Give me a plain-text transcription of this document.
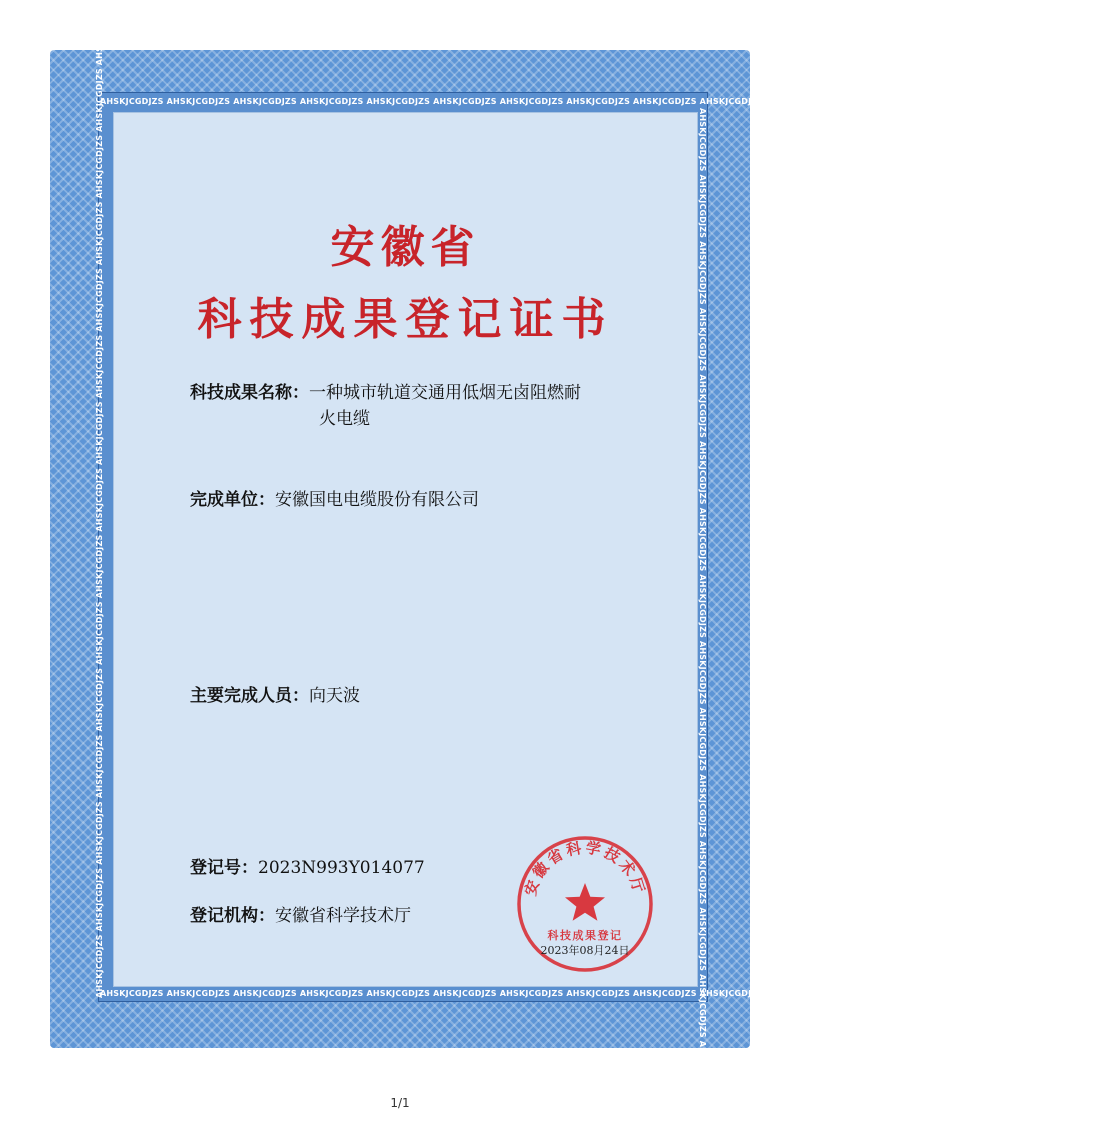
AHSKJCGDJZS AHSKJCGDJZS AHSKJCGDJZS AHSKJCGDJZS AHSKJCGDJZS AHSKJCGDJZS AHSKJCGDJZS AHSKJCGDJZS AHSKJCGDJZS AHSKJCGDJZS AHSKJCGDJZS AHSKJCGDJZS AHSKJCGDJZS AHSKJCGDJZS AHSKJCGDJZS
AHSKJCGDJZS AHSKJCGDJZS AHSKJCGDJZS AHSKJCGDJZS AHSKJCGDJZS AHSKJCGDJZS AHSKJCGDJZS AHSKJCGDJZS AHSKJCGDJZS AHSKJCGDJZS AHSKJCGDJZS AHSKJCGDJZS AHSKJCGDJZS AHSKJCGDJZS AHSKJCGDJZS
AHSKJCGDJZS AHSKJCGDJZS AHSKJCGDJZS AHSKJCGDJZS AHSKJCGDJZS AHSKJCGDJZS AHSKJCGDJZS AHSKJCGDJZS AHSKJCGDJZS AHSKJCGDJZS AHSKJCGDJZS AHSKJCGDJZS AHSKJCGDJZS AHSKJCGDJZS AHSKJCGDJZS	AHSKJCGDJZS AHSKJCGDJZS AHSKJCGDJZS AHSKJCGDJZS AHSKJCGDJZS AHSKJCGDJZS AHSKJCGDJZS AHSKJCGDJZS AHSKJCGDJZS AHSKJCGDJZS AHSKJCGDJZS AHSKJCGDJZS AHSKJCGDJZS AHSKJCGDJZS AHSKJCGDJZS
安徽省
科技成果登记证书
科技成果名称：一种城市轨道交通用低烟无卤阻燃耐
火电缆
完成单位：安徽国电电缆股份有限公司
主要完成人员：向天波
登记号：2023N993Y014077
登记机构：安徽省科学技术厅
安徽省科学技术厅
科技成果登记
2023年08月24日
1/1
